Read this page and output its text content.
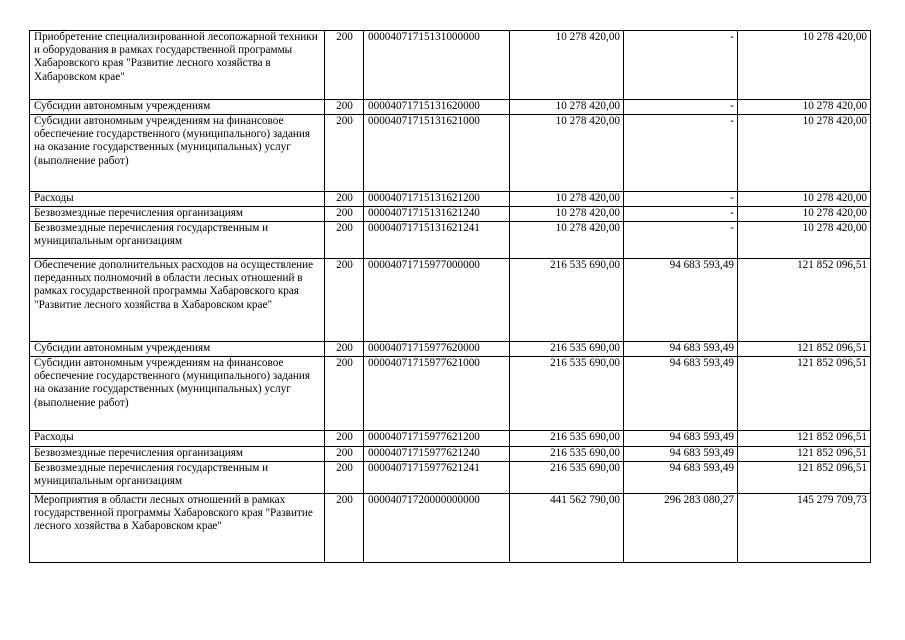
Приобретение специализированной лесопожарной техники и оборудования в рамках государственной программы Хабаровского края "Развитие лесного хозяйства в Хабаровском крае"	200	00004071715131000000	10 278 420,00	-	10 278 420,00
Субсидии автономным учреждениям	200	00004071715131620000	10 278 420,00	-	10 278 420,00
Субсидии автономным учреждениям на финансовое обеспечение государственного (муниципального) задания на оказание государственных (муниципальных) услуг (выполнение работ)	200	00004071715131621000	10 278 420,00	-	10 278 420,00
Расходы	200	00004071715131621200	10 278 420,00	-	10 278 420,00
Безвозмездные перечисления организациям	200	00004071715131621240	10 278 420,00	-	10 278 420,00
Безвозмездные перечисления государственным и муниципальным организациям	200	00004071715131621241	10 278 420,00	-	10 278 420,00
Обеспечение дополнительных расходов на осуществление переданных полномочий в области лесных отношений в рамках государственной программы Хабаровского края "Развитие лесного хозяйства в Хабаровском крае"	200	00004071715977000000	216 535 690,00	94 683 593,49	121 852 096,51
Субсидии автономным учреждениям	200	00004071715977620000	216 535 690,00	94 683 593,49	121 852 096,51
Субсидии автономным учреждениям на финансовое обеспечение государственного (муниципального) задания на оказание государственных (муниципальных) услуг (выполнение работ)	200	00004071715977621000	216 535 690,00	94 683 593,49	121 852 096,51
Расходы	200	00004071715977621200	216 535 690,00	94 683 593,49	121 852 096,51
Безвозмездные перечисления организациям	200	00004071715977621240	216 535 690,00	94 683 593,49	121 852 096,51
Безвозмездные перечисления государственным и муниципальным организациям	200	00004071715977621241	216 535 690,00	94 683 593,49	121 852 096,51
Мероприятия в области лесных отношений в рамках государственной программы Хабаровского края "Развитие лесного хозяйства в Хабаровском крае"	200	00004071720000000000	441 562 790,00	296 283 080,27	145 279 709,73
